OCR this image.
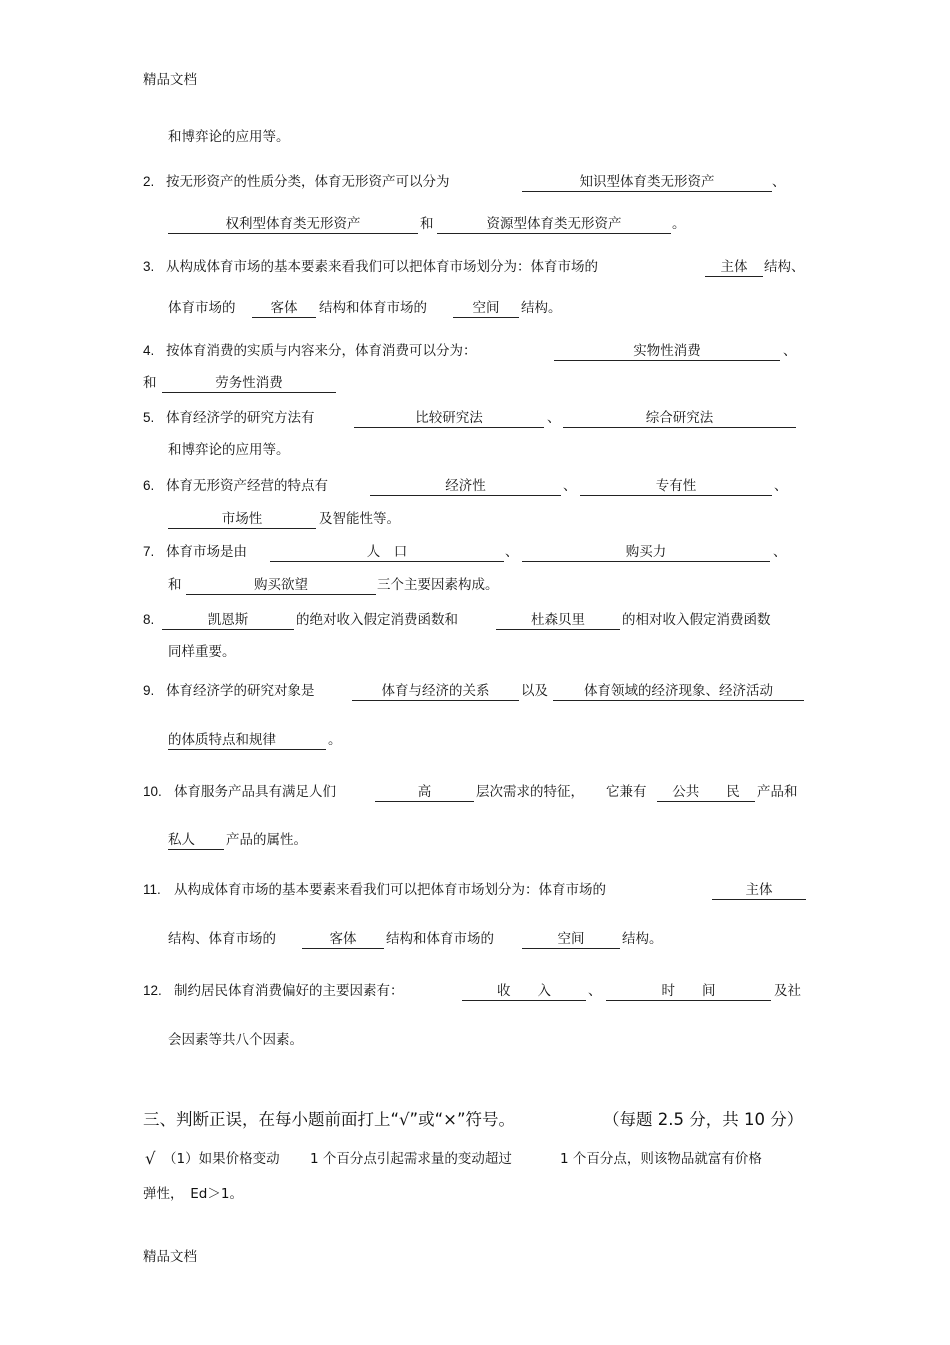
精品文档
和博弈论的应用等。
2. 按无形资产的性质分类，体育无形资产可以分为	知识型体育类无形资产	、
权利型体育类无形资产	和	资源型体育类无形资产	。
3. 从构成体育市场的基本要素来看我们可以把体育市场划分为：体育市场的	主体	结构、
体育市场的	客体	结构和体育市场的	空间	结构。
4. 按体育消费的实质与内容来分，体育消费可以分为：	实物性消费	、
和	劳务性消费
5. 体育经济学的研究方法有	比较研究法	、	综合研究法
和博弈论的应用等。
6. 体育无形资产经营的特点有	经济性	、	专有性	、
市场性	及智能性等。
7. 体育市场是由	人　口	、	购买力	、
和	购买欲望	三个主要因素构成。
8.	凯恩斯	的绝对收入假定消费函数和	杜森贝里	的相对收入假定消费函数
同样重要。
9. 体育经济学的研究对象是	体育与经济的关系	以及	体育领域的经济现象、经济活动
的体质特点和规律	。
10. 体育服务产品具有满足人们	高	层次需求的特征， 它兼有	公共　　民	产品和
私人	产品的属性。
11. 从构成体育市场的基本要素来看我们可以把体育市场划分为：体育市场的	主体
结构、体育市场的	客体	结构和体育市场的	空间	结构。
12. 制约居民体育消费偏好的主要因素有：	收　　入	、	时　　间	及社
会因素等共八个因素。
三、判断正误，在每小题前面打上“√”或“×”符号。	（每题 2.5 分，共 10 分）
√ （1）如果价格变动 1 个百分点引起需求量的变动超过	1 个百分点，则该物品就富有价格
弹性，　Ed＞1。
精品文档
